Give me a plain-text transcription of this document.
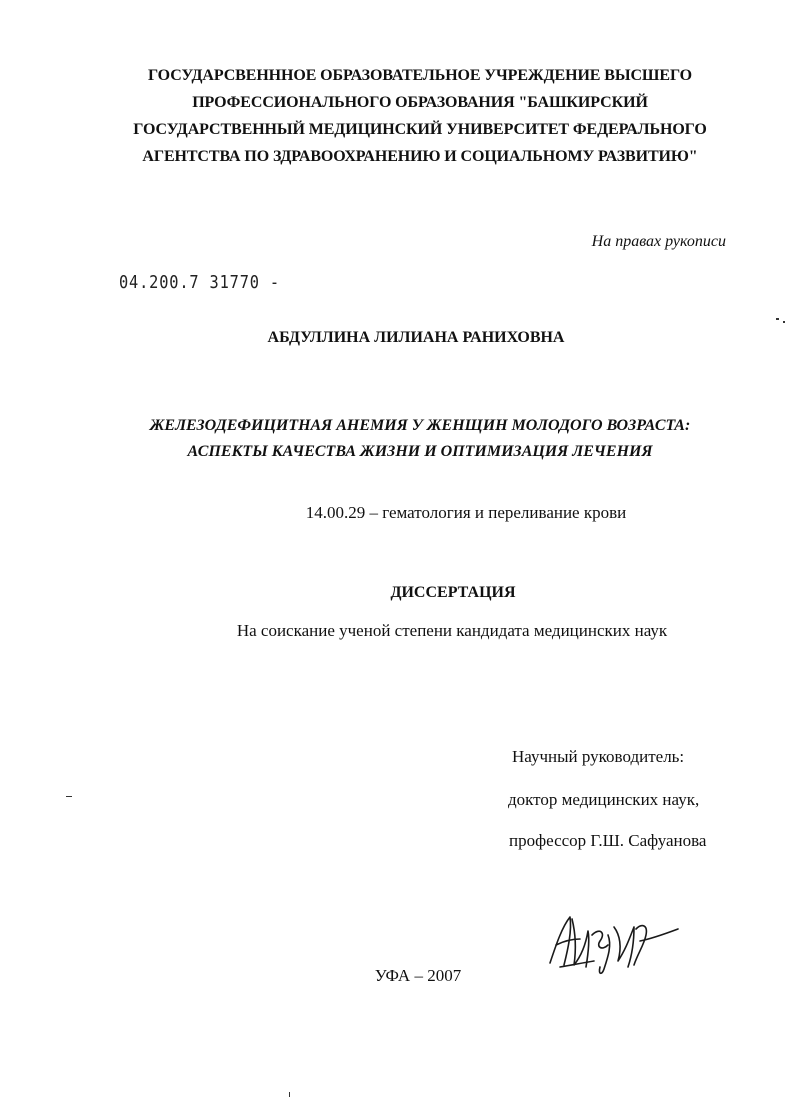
ГОСУДАРСВЕНННОЕ ОБРАЗОВАТЕЛЬНОЕ УЧРЕЖДЕНИЕ ВЫСШЕГО
ПРОФЕССИОНАЛЬНОГО ОБРАЗОВАНИЯ "БАШКИРСКИЙ
ГОСУДАРСТВЕННЫЙ МЕДИЦИНСКИЙ УНИВЕРСИТЕТ ФЕДЕРАЛЬНОГО
АГЕНТСТВА ПО ЗДРАВООХРАНЕНИЮ И СОЦИАЛЬНОМУ РАЗВИТИЮ"
На правах рукописи
04.200.7 31770 -
АБДУЛЛИНА ЛИЛИАНА РАНИХОВНА
ЖЕЛЕЗОДЕФИЦИТНАЯ АНЕМИЯ У ЖЕНЩИН МОЛОДОГО ВОЗРАСТА:
АСПЕКТЫ КАЧЕСТВА ЖИЗНИ И ОПТИМИЗАЦИЯ ЛЕЧЕНИЯ
14.00.29 – гематология и переливание крови
ДИССЕРТАЦИЯ
На соискание ученой степени кандидата медицинских наук
Научный руководитель:
доктор медицинских наук,
профессор Г.Ш. Сафуанова
УФА – 2007
